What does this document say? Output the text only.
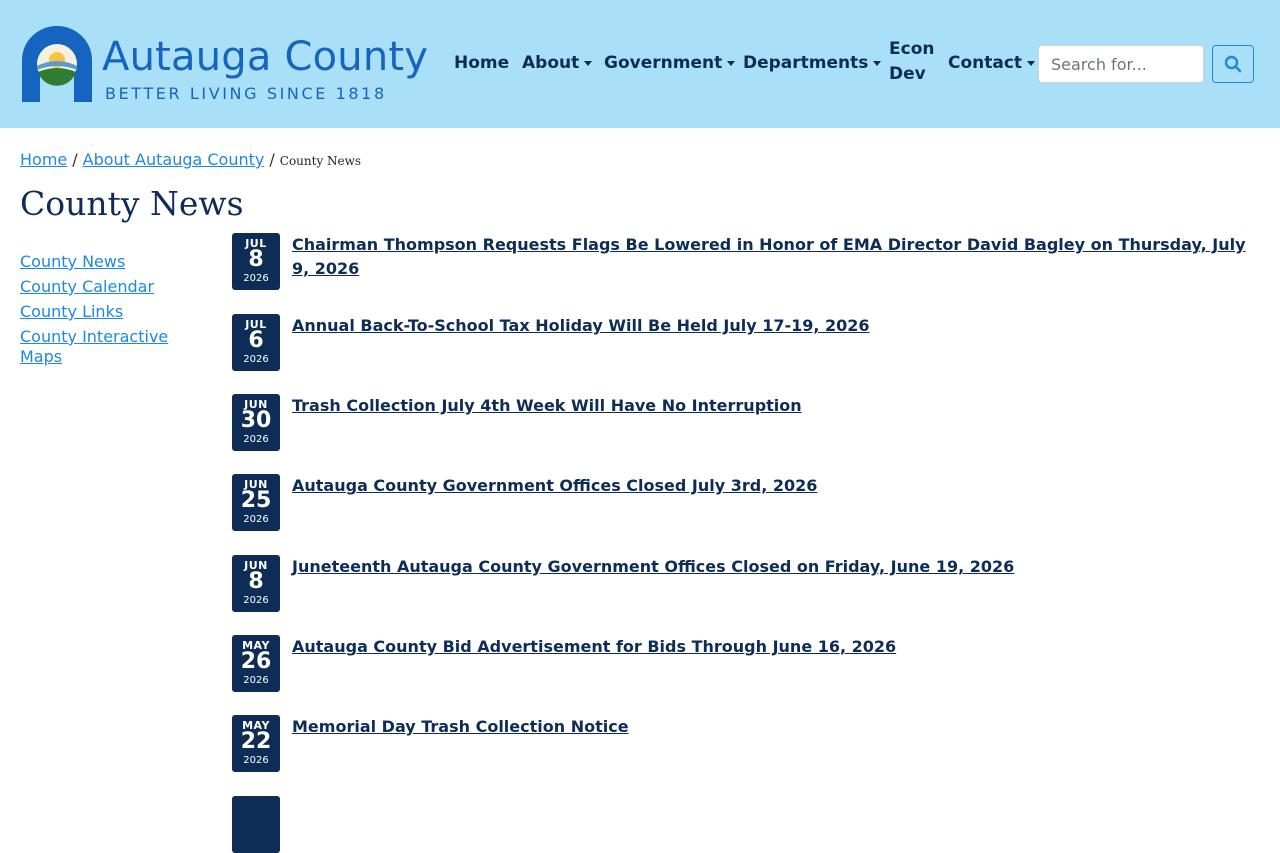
Autauga County
BETTER LIVING SINCE 1818
Home About Government Departments
Econ
Dev
Contact
Search for...
Home / About Autauga County / County News
County News
County News
County Calendar
County Links
County Interactive Maps
JUL
8
2026
Chairman Thompson Requests Flags Be Lowered in Honor of EMA Director David Bagley on Thursday, July 9, 2026
JUL
6
2026
Annual Back-To-School Tax Holiday Will Be Held July 17-19, 2026
JUN
30
2026
Trash Collection July 4th Week Will Have No Interruption
JUN
25
2026
Autauga County Government Offices Closed July 3rd, 2026
JUN
8
2026
Juneteenth Autauga County Government Offices Closed on Friday, June 19, 2026
MAY
26
2026
Autauga County Bid Advertisement for Bids Through June 16, 2026
MAY
22
2026
Memorial Day Trash Collection Notice
